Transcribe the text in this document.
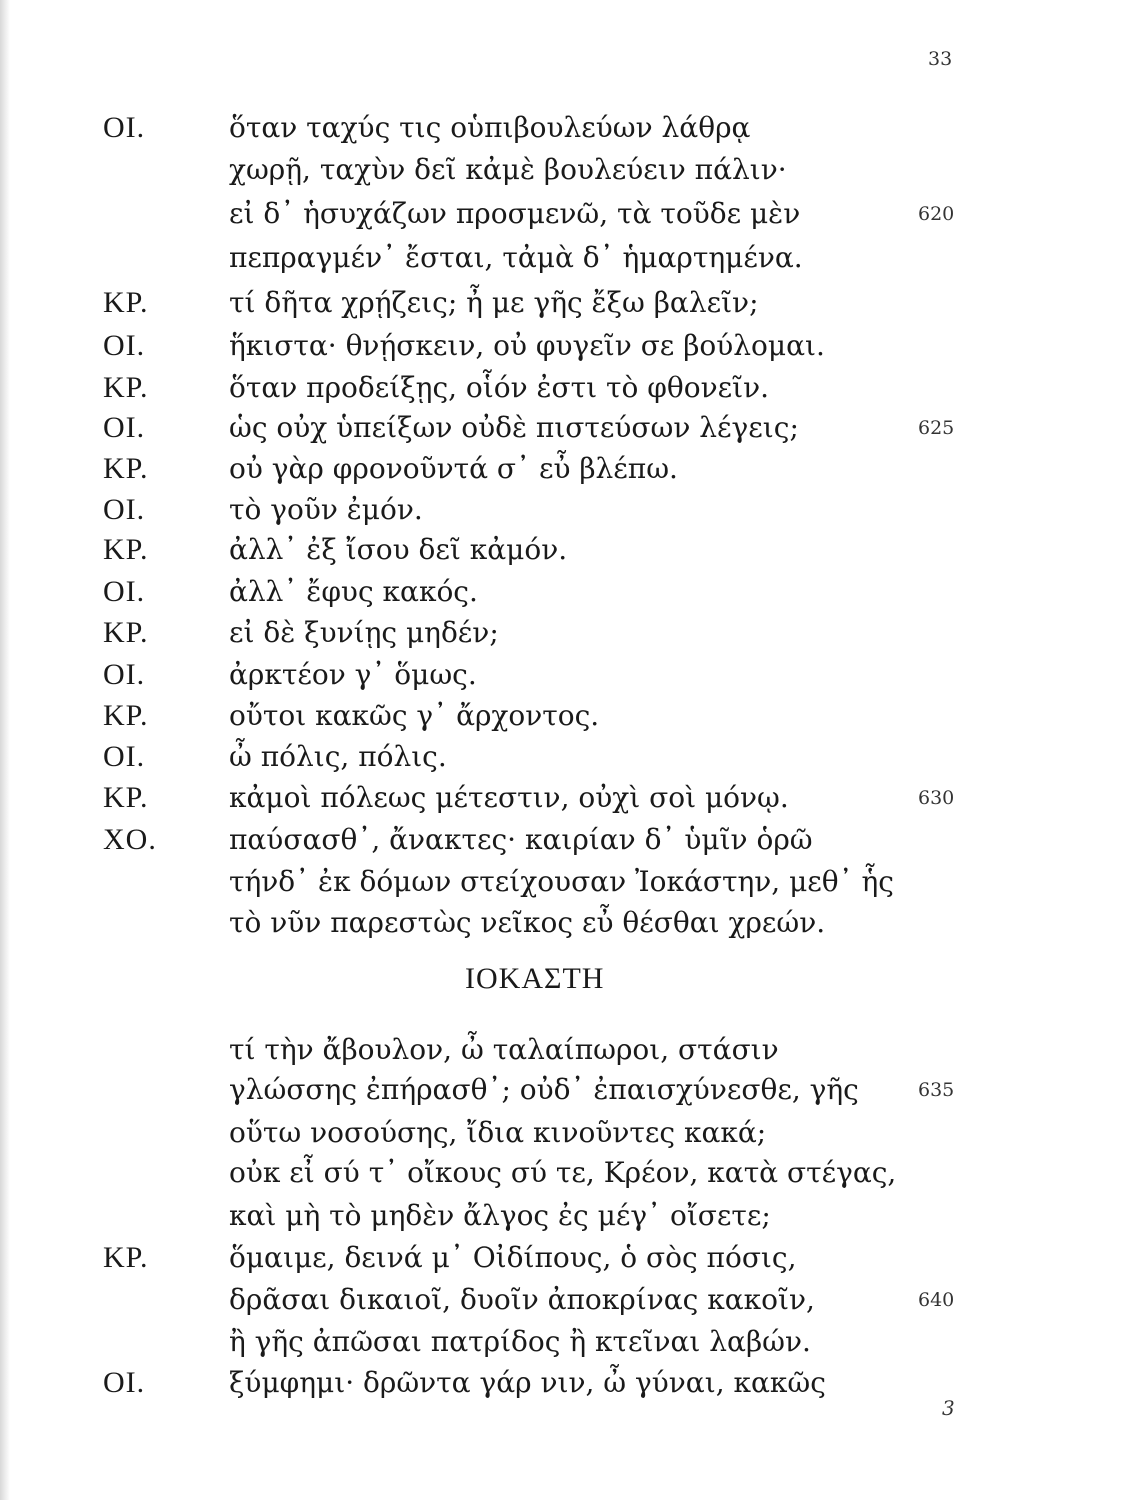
33
OI.	ὅταν ταχύς τις οὑπιβουλεύων λάθρᾳ
χωρῇ, ταχὺν δεῖ κἀμὲ βουλεύειν πάλιν·
εἰ δ᾽ ἡσυχάζων προσμενῶ, τὰ τοῦδε μὲν	620
πεπραγμέν᾽ ἔσται, τἀμὰ δ᾽ ἡμαρτημένα.
KP.	τί δῆτα χρῄζεις; ἦ με γῆς ἔξω βαλεῖν;
OI.	ἥκιστα· θνῄσκειν, οὐ φυγεῖν σε βούλομαι.
KP.	ὅταν προδείξῃς, οἷόν ἐστι τὸ φθονεῖν.
OI.	ὡς οὐχ ὑπείξων οὐδὲ πιστεύσων λέγεις;	625
KP.	οὐ γὰρ φρονοῦντά σ᾽ εὖ βλέπω.
OI.	τὸ γοῦν ἐμόν.
KP.	ἀλλ᾽ ἐξ ἴσου δεῖ κἀμόν.
OI.	ἀλλ᾽ ἔφυς κακός.
KP.	εἰ δὲ ξυνίῃς μηδέν;
OI.	ἀρκτέον γ᾽ ὅμως.
KP.	οὔτοι κακῶς γ᾽ ἄρχοντος.
OI.	ὦ πόλις, πόλις.
KP.	κἀμοὶ πόλεως μέτεστιν, οὐχὶ σοὶ μόνῳ.	630
XO.	παύσασθ᾽, ἄνακτες· καιρίαν δ᾽ ὑμῖν ὁρῶ
τήνδ᾽ ἐκ δόμων στείχουσαν Ἰοκάστην, μεθ᾽ ἧς
τὸ νῦν παρεστὼς νεῖκος εὖ θέσθαι χρεών.
τί τὴν ἄβουλον, ὦ ταλαίπωροι, στάσιν
γλώσσης ἐπήρασθ᾽; οὐδ᾽ ἐπαισχύνεσθε, γῆς	635
οὕτω νοσούσης, ἴδια κινοῦντες κακά;
οὐκ εἶ σύ τ᾽ οἴκους σύ τε, Κρέον, κατὰ στέγας,
καὶ μὴ τὸ μηδὲν ἄλγος ἐς μέγ᾽ οἴσετε;
KP.	ὅμαιμε, δεινά μ᾽ Οἰδίπους, ὁ σὸς πόσις,
δρᾶσαι δικαιοῖ, δυοῖν ἀποκρίνας κακοῖν,	640
ἢ γῆς ἀπῶσαι πατρίδος ἢ κτεῖναι λαβών.
OI.	ξύμφημι· δρῶντα γάρ νιν, ὦ γύναι, κακῶς
ΙΟΚΑΣΤΗ
3
